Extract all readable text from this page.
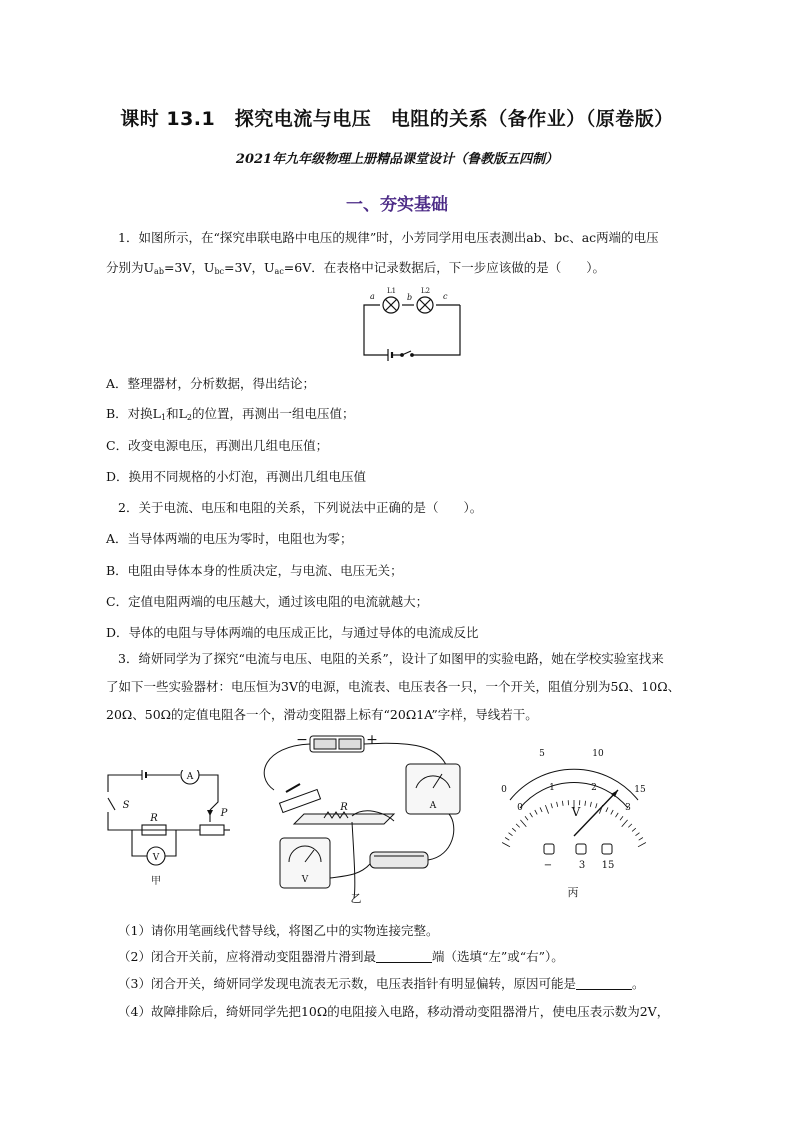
课时 13.1　探究电流与电压　电阻的关系（备作业）（原卷版）
2021年九年级物理上册精品课堂设计（鲁教版五四制）
一、夯实基础
1．如图所示，在“探究串联电路中电压的规律”时，小芳同学用电压表测出ab、bc、ac两端的电压
分别为$U_{ab}=3V$，$U_{bc}=3V$，$U_{ac}=6V$．在表格中记录数据后，下一步应该做的是（　　）。
a	b	c
L1	L2
A．整理器材，分析数据，得出结论；
B．对换$L_1$和$L_2$的位置，再测出一组电压值；
C．改变电源电压，再测出几组电压值；
D．换用不同规格的小灯泡，再测出几组电压值
2．关于电流、电压和电阻的关系，下列说法中正确的是（　　）。
A．当导体两端的电压为零时，电阻也为零；
B．电阻由导体本身的性质决定，与电流、电压无关；
C．定值电阻两端的电压越大，通过该电阻的电流就越大；
D．导体的电阻与导体两端的电压成正比，与通过导体的电流成反比
3．绮妍同学为了探究“电流与电压、电阻的关系”，设计了如图甲的实验电路，她在学校实验室找来
了如下一些实验器材：电压恒为3V的电源，电流表、电压表各一只，一个开关，阻值分别为5Ω、10Ω、
20Ω、50Ω的定值电阻各一个，滑动变阻器上标有“20Ω1A”字样，导线若干。
A
V
R
S
P
甲
−	+
R	A
V
乙
0
5	10
15
0
1	2
3
V
−	3 15
丙
（1）请你用笔画线代替导线，将图乙中的实物连接完整。
（2）闭合开关前，应将滑动变阻器滑片滑到最	端（选填“左”或“右”）。
（3）闭合开关，绮妍同学发现电流表无示数，电压表指针有明显偏转，原因可能是	。
（4）故障排除后，绮妍同学先把10Ω的电阻接入电路，移动滑动变阻器滑片，使电压表示数为2V，
